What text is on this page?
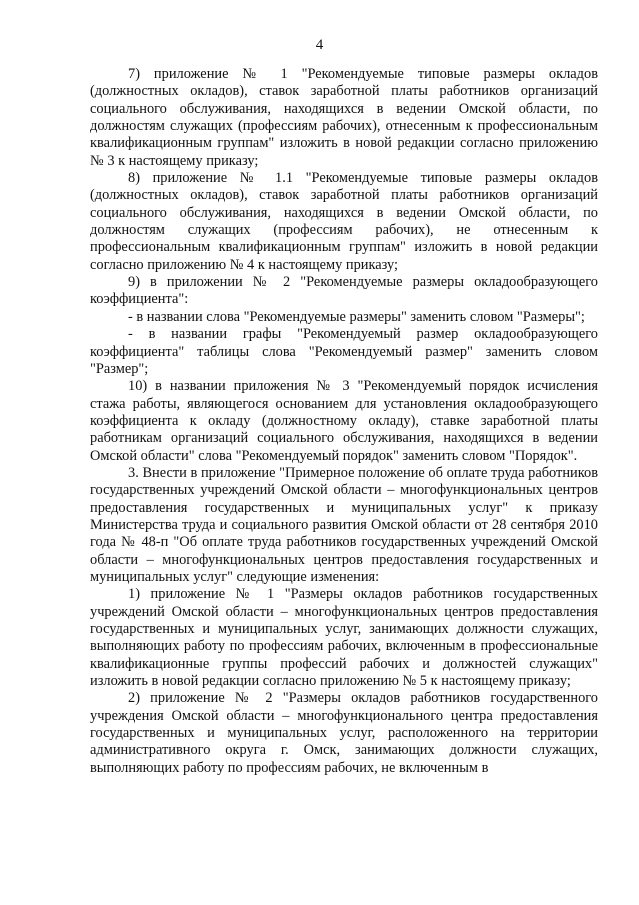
4

7) приложение № 1 "Рекомендуемые типовые размеры окладов (должностных окладов), ставок заработной платы работников организаций социального обслуживания, находящихся в ведении Омской области, по должностям служащих (профессиям рабочих), отнесенным к профессиональным квалификационным группам" изложить в новой редакции согласно приложению № 3 к настоящему приказу;

8) приложение № 1.1 "Рекомендуемые типовые размеры окладов (должностных окладов), ставок заработной платы работников организаций социального обслуживания, находящихся в ведении Омской области, по должностям служащих (профессиям рабочих), не отнесенным к профессиональным квалификационным группам" изложить в новой редакции согласно приложению № 4 к настоящему приказу;

9) в приложении № 2 "Рекомендуемые размеры окладообразующего коэффициента":

- в названии слова "Рекомендуемые размеры" заменить словом "Размеры";

- в названии графы "Рекомендуемый размер окладообразующего коэффициента" таблицы слова "Рекомендуемый размер" заменить словом "Размер";

10) в названии приложения № 3 "Рекомендуемый порядок исчисления стажа работы, являющегося основанием для установления окладообразующего коэффициента к окладу (должностному окладу), ставке заработной платы работникам организаций социального обслуживания, находящихся в ведении Омской области" слова "Рекомендуемый порядок" заменить словом "Порядок".

3. Внести в приложение "Примерное положение об оплате труда работников государственных учреждений Омской области – многофункциональных центров предоставления государственных и муниципальных услуг" к приказу Министерства труда и социального развития Омской области от 28 сентября 2010 года № 48-п "Об оплате труда работников государственных учреждений Омской области – многофункциональных центров предоставления государственных и муниципальных услуг" следующие изменения:

1) приложение № 1 "Размеры окладов работников государственных учреждений Омской области – многофункциональных центров предоставления государственных и муниципальных услуг, занимающих должности служащих, выполняющих работу по профессиям рабочих, включенным в профессиональные квалификационные группы профессий рабочих и должностей служащих" изложить в новой редакции согласно приложению № 5 к настоящему приказу;

2) приложение № 2 "Размеры окладов работников государственного учреждения Омской области – многофункционального центра предоставления государственных и муниципальных услуг, расположенного на территории административного округа г. Омск, занимающих должности служащих, выполняющих работу по профессиям рабочих, не включенным в
